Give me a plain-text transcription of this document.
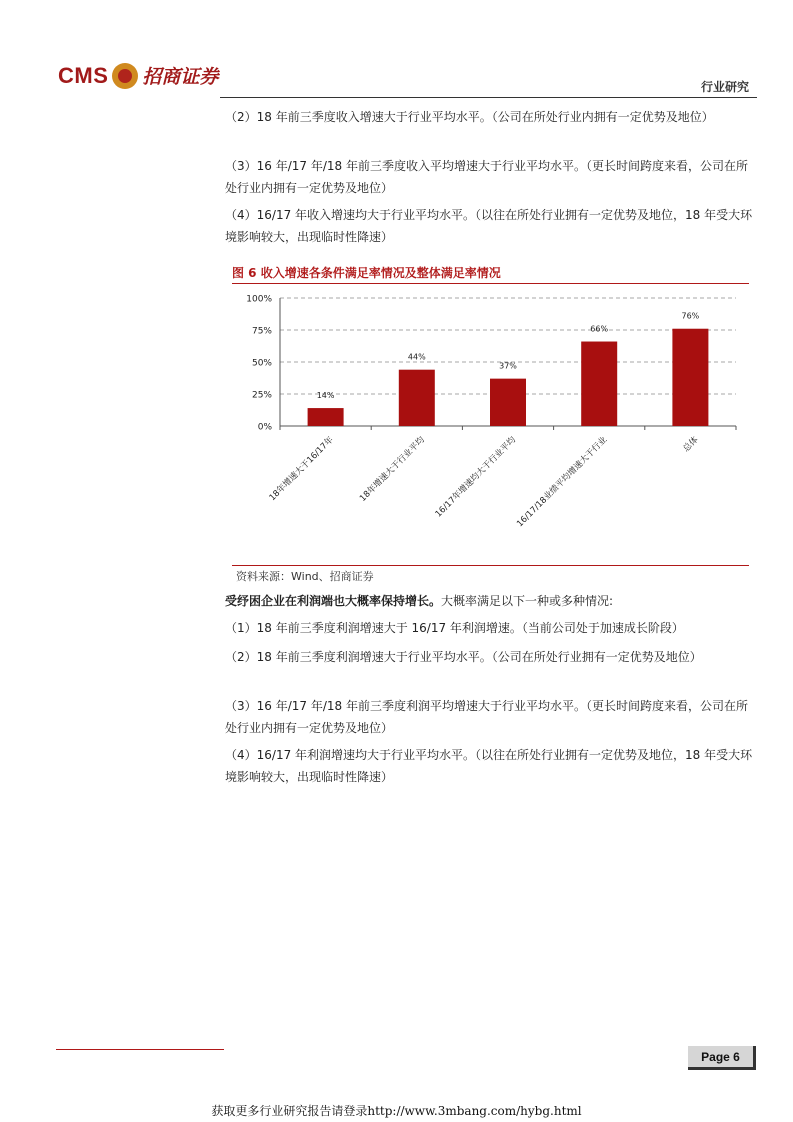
CMS 招商证券	行业研究
（2）18 年前三季度收入增速大于行业平均水平。（公司在所处行业内拥有一定优势及地位）
（3）16 年/17 年/18 年前三季度收入平均增速大于行业平均水平。（更长时间跨度来看，公司在所处行业内拥有一定优势及地位）
（4）16/17 年收入增速均大于行业平均水平。（以往在所处行业拥有一定优势及地位，18 年受大环境影响较大，出现临时性降速）
图 6 收入增速各条件满足率情况及整体满足率情况
0%
25%
50%
75%
100%
14%
18年增速大于16/17年
44%
18年增速大于行业平均
37%
16/17年增速均大于行业平均
66%
16/17/18业绩平均增速大于行业
76%
总体
资料来源：Wind、招商证券
受纾困企业在利润端也大概率保持增长。大概率满足以下一种或多种情况:
（1）18 年前三季度利润增速大于 16/17 年利润增速。（当前公司处于加速成长阶段）
（2）18 年前三季度利润增速大于行业平均水平。（公司在所处行业拥有一定优势及地位）
（3）16 年/17 年/18 年前三季度利润平均增速大于行业平均水平。（更长时间跨度来看，公司在所处行业内拥有一定优势及地位）
（4）16/17 年利润增速均大于行业平均水平。（以往在所处行业拥有一定优势及地位，18 年受大环境影响较大，出现临时性降速）
Page 6
获取更多行业研究报告请登录http://www.3mbang.com/hybg.html
